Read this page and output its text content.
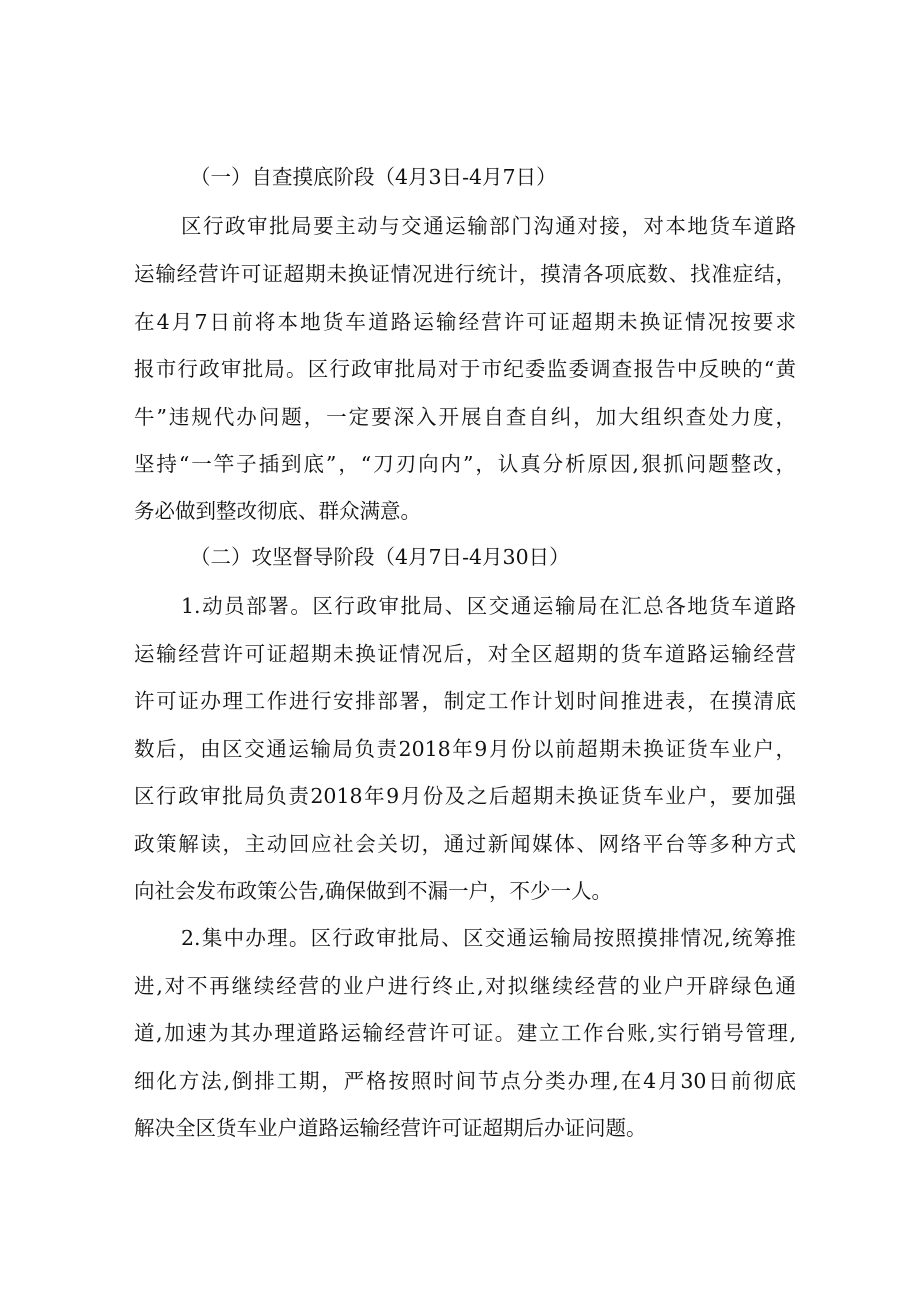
（一）自查摸底阶段（4月3日-4月7日）
区行政审批局要主动与交通运输部门沟通对接，对本地货车道路
运输经营许可证超期未换证情况进行统计，摸清各项底数、找准症结，
在4月7日前将本地货车道路运输经营许可证超期未换证情况按要求
报市行政审批局。区行政审批局对于市纪委监委调查报告中反映的“黄
牛”违规代办问题，一定要深入开展自查自纠，加大组织查处力度，
坚持“一竿子插到底”，“刀刃向内”，认真分析原因,狠抓问题整改，
务必做到整改彻底、群众满意。
（二）攻坚督导阶段（4月7日-4月30日）
1.动员部署。区行政审批局、区交通运输局在汇总各地货车道路
运输经营许可证超期未换证情况后，对全区超期的货车道路运输经营
许可证办理工作进行安排部署，制定工作计划时间推进表，在摸清底
数后，由区交通运输局负责2018年9月份以前超期未换证货车业户，
区行政审批局负责2018年9月份及之后超期未换证货车业户，要加强
政策解读，主动回应社会关切，通过新闻媒体、网络平台等多种方式
向社会发布政策公告,确保做到不漏一户，不少一人。
2.集中办理。区行政审批局、区交通运输局按照摸排情况,统筹推
进,对不再继续经营的业户进行终止,对拟继续经营的业户开辟绿色通
道,加速为其办理道路运输经营许可证。建立工作台账,实行销号管理,
细化方法,倒排工期，严格按照时间节点分类办理,在4月30日前彻底
解决全区货车业户道路运输经营许可证超期后办证问题。
